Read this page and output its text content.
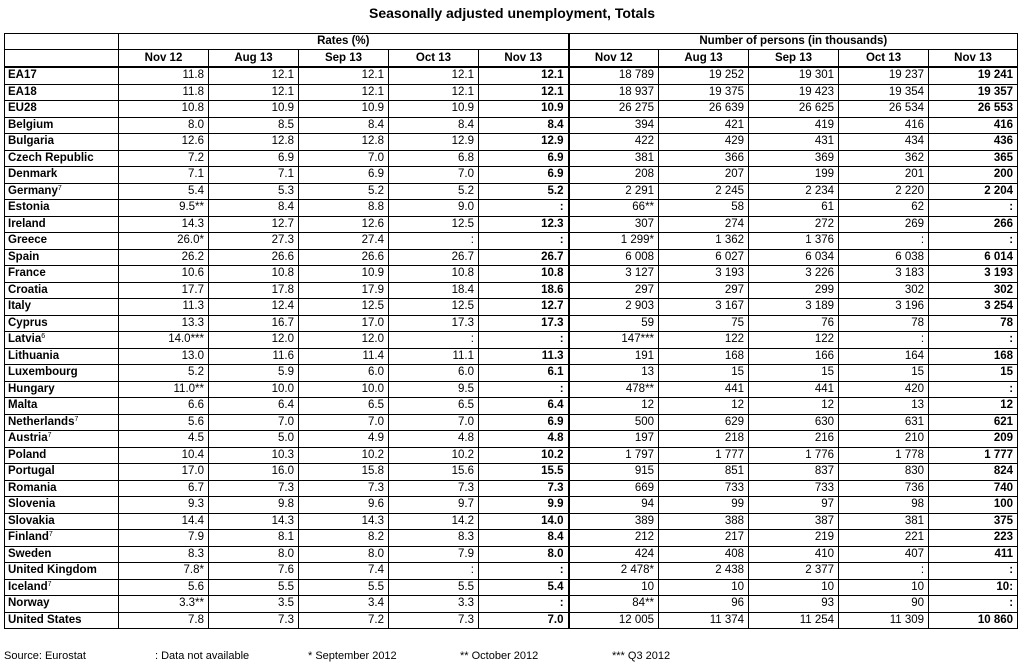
Seasonally adjusted unemployment, Totals
	Rates (%)					Number of persons (in thousands)				
	Nov 12	Aug 13	Sep 13	Oct 13	Nov 13	Nov 12	Aug 13	Sep 13	Oct 13	Nov 13
EA17	11.8	12.1	12.1	12.1	12.1	18 789	19 252	19 301	19 237	19 241
EA18	11.8	12.1	12.1	12.1	12.1	18 937	19 375	19 423	19 354	19 357
EU28	10.8	10.9	10.9	10.9	10.9	26 275	26 639	26 625	26 534	26 553
Belgium	8.0	8.5	8.4	8.4	8.4	394	421	419	416	416
Bulgaria	12.6	12.8	12.8	12.9	12.9	422	429	431	434	436
Czech Republic	7.2	6.9	7.0	6.8	6.9	381	366	369	362	365
Denmark	7.1	7.1	6.9	7.0	6.9	208	207	199	201	200
Germany$^7$	5.4	5.3	5.2	5.2	5.2	2 291	2 245	2 234	2 220	2 204
Estonia	9.5**	8.4	8.8	9.0	:	66**	58	61	62	:
Ireland	14.3	12.7	12.6	12.5	12.3	307	274	272	269	266
Greece	26.0*	27.3	27.4	:	:	1 299*	1 362	1 376	:	:
Spain	26.2	26.6	26.6	26.7	26.7	6 008	6 027	6 034	6 038	6 014
France	10.6	10.8	10.9	10.8	10.8	3 127	3 193	3 226	3 183	3 193
Croatia	17.7	17.8	17.9	18.4	18.6	297	297	299	302	302
Italy	11.3	12.4	12.5	12.5	12.7	2 903	3 167	3 189	3 196	3 254
Cyprus	13.3	16.7	17.0	17.3	17.3	59	75	76	78	78
Latvia$^6$	14.0***	12.0	12.0	:	:	147***	122	122	:	:
Lithuania	13.0	11.6	11.4	11.1	11.3	191	168	166	164	168
Luxembourg	5.2	5.9	6.0	6.0	6.1	13	15	15	15	15
Hungary	11.0**	10.0	10.0	9.5	:	478**	441	441	420	:
Malta	6.6	6.4	6.5	6.5	6.4	12	12	12	13	12
Netherlands$^7$	5.6	7.0	7.0	7.0	6.9	500	629	630	631	621
Austria$^7$	4.5	5.0	4.9	4.8	4.8	197	218	216	210	209
Poland	10.4	10.3	10.2	10.2	10.2	1 797	1 777	1 776	1 778	1 777
Portugal	17.0	16.0	15.8	15.6	15.5	915	851	837	830	824
Romania	6.7	7.3	7.3	7.3	7.3	669	733	733	736	740
Slovenia	9.3	9.8	9.6	9.7	9.9	94	99	97	98	100
Slovakia	14.4	14.3	14.3	14.2	14.0	389	388	387	381	375
Finland$^7$	7.9	8.1	8.2	8.3	8.4	212	217	219	221	223
Sweden	8.3	8.0	8.0	7.9	8.0	424	408	410	407	411
United Kingdom	7.8*	7.6	7.4	:	:	2 478*	2 438	2 377	:	:
Iceland$^7$	5.6	5.5	5.5	5.5	5.4	10	10	10	10	10:
Norway	3.3**	3.5	3.4	3.3	:	84**	96	93	90	:
United States	7.8	7.3	7.2	7.3	7.0	12 005	11 374	11 254	11 309	10 860
Source: Eurostat	: Data not available	* September 2012	** October 2012	*** Q3 2012
